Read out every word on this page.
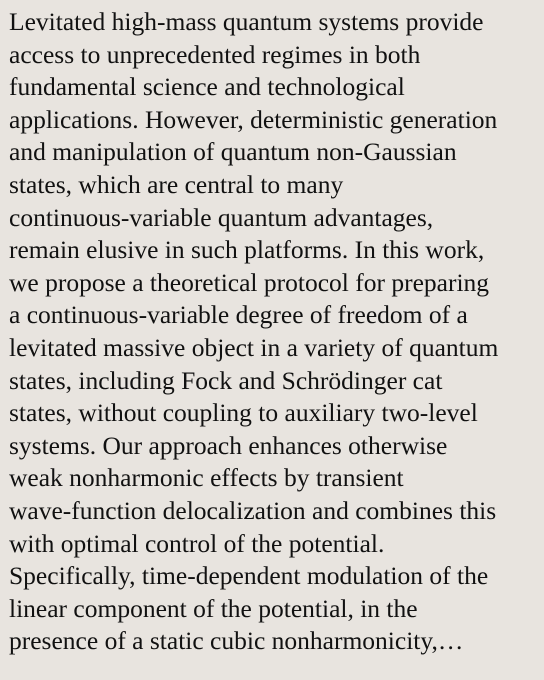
Levitated high-mass quantum systems provide
access to unprecedented regimes in both
fundamental science and technological
applications. However, deterministic generation
and manipulation of quantum non-Gaussian
states, which are central to many
continuous-variable quantum advantages,
remain elusive in such platforms. In this work,
we propose a theoretical protocol for preparing
a continuous-variable degree of freedom of a
levitated massive object in a variety of quantum
states, including Fock and Schrödinger cat
states, without coupling to auxiliary two-level
systems. Our approach enhances otherwise
weak nonharmonic effects by transient
wave-function delocalization and combines this
with optimal control of the potential.
Specifically, time-dependent modulation of the
linear component of the potential, in the
presence of a static cubic nonharmonicity,…
